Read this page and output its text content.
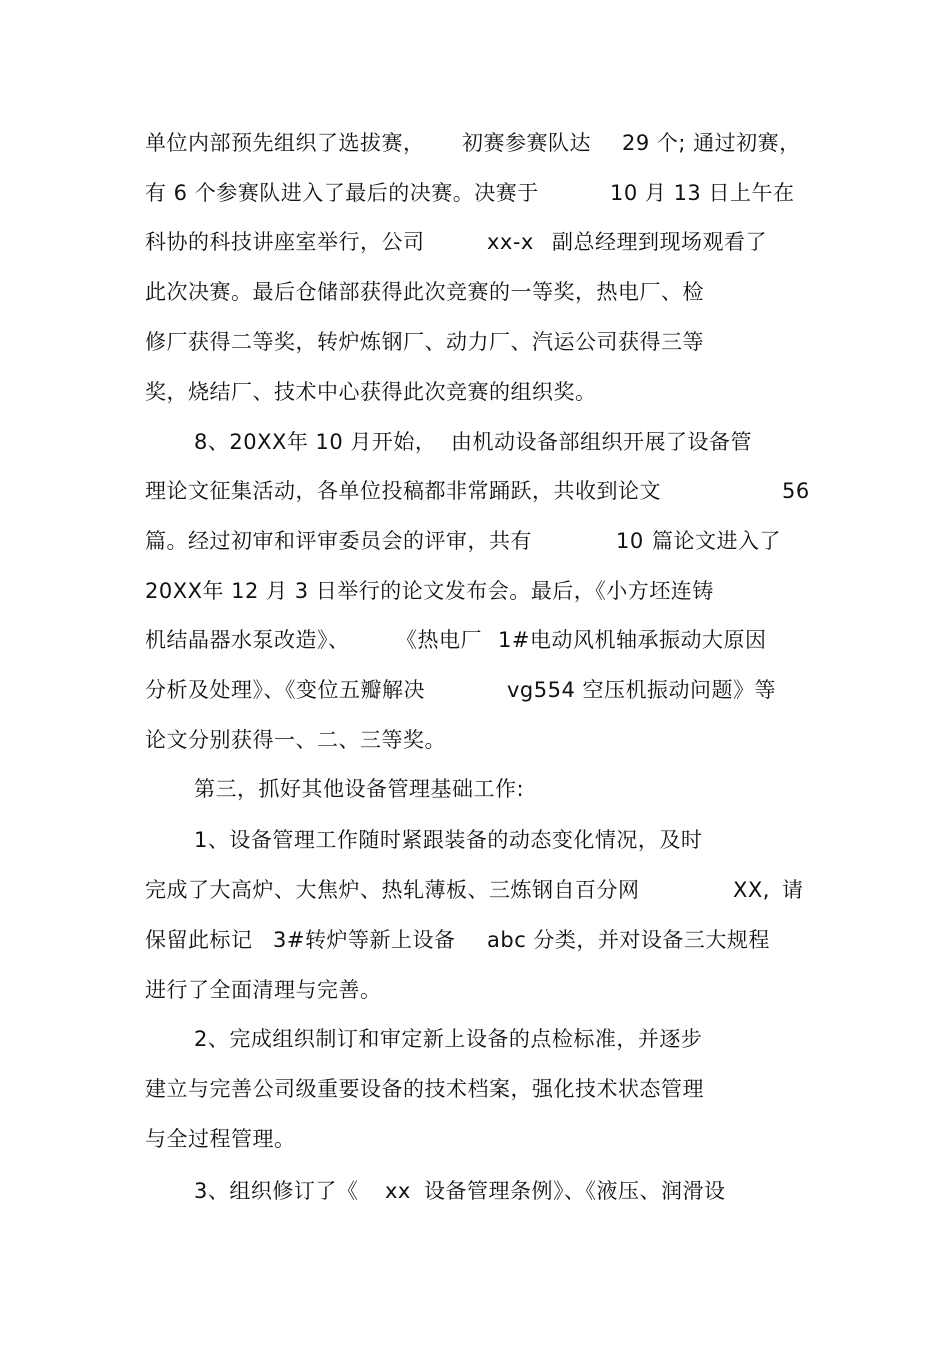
单位内部预先组织了选拔赛， 初赛参赛队达 29 个; 通过初赛，
有 6 个参赛队进入了最后的决赛。决赛于	10 月 13 日上午在
科协的科技讲座室举行，公司	xx-x 副总经理到现场观看了
此次决赛。最后仓储部获得此次竞赛的一等奖，热电厂、检
修厂获得二等奖，转炉炼钢厂、动力厂、汽运公司获得三等
奖，烧结厂、技术中心获得此次竞赛的组织奖。
8、20XX年 10 月开始， 由机动设备部组织开展了设备管
理论文征集活动，各单位投稿都非常踊跃，共收到论文	56
篇。经过初审和评审委员会的评审，共有	10 篇论文进入了
20XX年 12 月 3 日举行的论文发布会。最后，《小方坯连铸
机结晶器水泵改造》、 《热电厂 1#电动风机轴承振动大原因
分析及处理》、《变位五瓣解决	vg554 空压机振动问题》等
论文分别获得一、二、三等奖。
第三，抓好其他设备管理基础工作:
1、设备管理工作随时紧跟装备的动态变化情况，及时
完成了大高炉、大焦炉、热轧薄板、三炼钢自百分网	XX, 请
保留此标记 3#转炉等新上设备 abc 分类，并对设备三大规程
进行了全面清理与完善。
2、完成组织制订和审定新上设备的点检标准，并逐步
建立与完善公司级重要设备的技术档案，强化技术状态管理
与全过程管理。
3、组织修订了《 xx 设备管理条例》、《液压、润滑设
